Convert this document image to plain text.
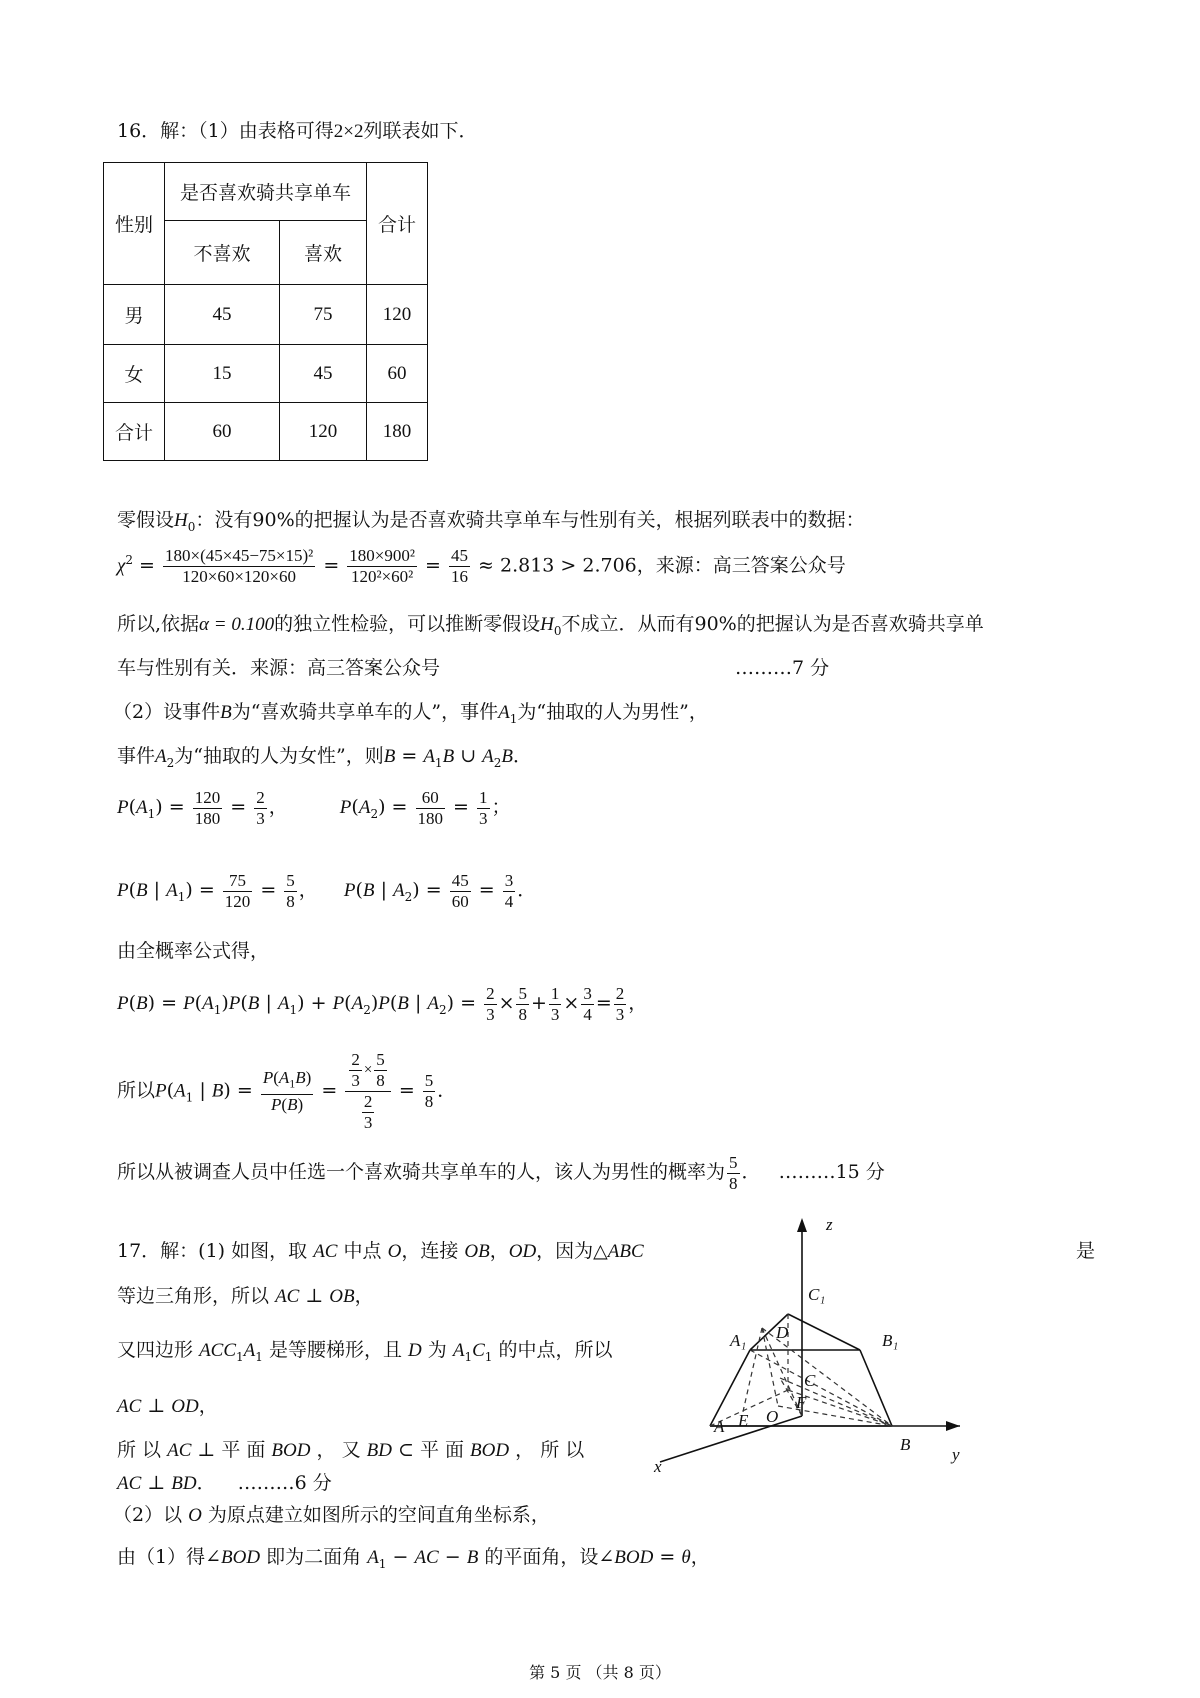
16．解：（1）由表格可得2×2列联表如下．
性别	是否喜欢骑共享单车		合计
	不喜欢	喜欢	
男	45	75	120
女	15	45	60
合计	60	120	180
零假设$H_0$：没有90%的把握认为是否喜欢骑共享单车与性别有关，根据列联表中的数据：
$\chi^2 = \frac{\text{180×(45×45−75×15)²}}{120\times 60\times 120\times 60} = \frac{\text{180×900²}}{\text{120²×60²}} = \frac{45}{16} \approx 2.813 > 2.706$，来源：高三答案公众号
所以,依据α = 0.100的独立性检验，可以推断零假设$H_0$不成立．从而有90%的把握认为是否喜欢骑共享单
车与性别有关．来源：高三答案公众号	………7 分
（2）设事件B为“喜欢骑共享单车的人”，事件$A_1$为“抽取的人为男性”，
事件$A_2$为“抽取的人为女性”，则$B = A_1B$ ∪ $A_2B$．
$P(A_1) = \frac{120}{180} = \frac{2}{3}$ ，  $P(A_2) = \frac{60}{180} = \frac{1}{3}$ ；
P(B | $A_1) = \frac{75}{120} = \frac{5}{8}$ ，  P(B | $A_2) = \frac{45}{60} = \frac{3}{4}$ ．
由全概率公式得，
$P(B) = P(A_1)P(B$ | $A_1) + P(A_2)P(B$ | $A_2) = \frac{2}{3} \times \frac{5}{8} + \frac{1}{3} \times \frac{3}{4} = \frac{2}{3}$ ，
所以$P(A_1$ | $B) = \frac{P(A_1B)}{P(B)} = \frac{\frac{2}{3} \times \frac{5}{8}}{\frac{2}{3}} = \frac{5}{8}$ ．
所以从被调查人员中任选一个喜欢骑共享单车的人，该人为男性的概率为 $\frac{5}{8}$ ． ………15 分
17．解：(1) 如图，取 AC 中点 O，连接 OB，OD，因为△ABC	是
等边三角形，所以 AC ⊥ OB，
又四边形 $ACC_1A_1$ 是等腰梯形，且 D 为 $A_1C_1$ 的中点，所以
AC ⊥ OD，
所 以 AC ⊥ 平 面 BOD ， 又 BD ⊂ 平 面 BOD ， 所 以
AC ⊥ BD． ………6 分
（2）以 O 为原点建立如图所示的空间直角坐标系，
由（1）得∠BOD 即为二面角 $A_1$ − AC − B 的平面角，设∠BOD = θ，
z
x
y
A
B
C
D
E
F
O
A₁	B₁
C₁
第 5 页 （共 8 页）
